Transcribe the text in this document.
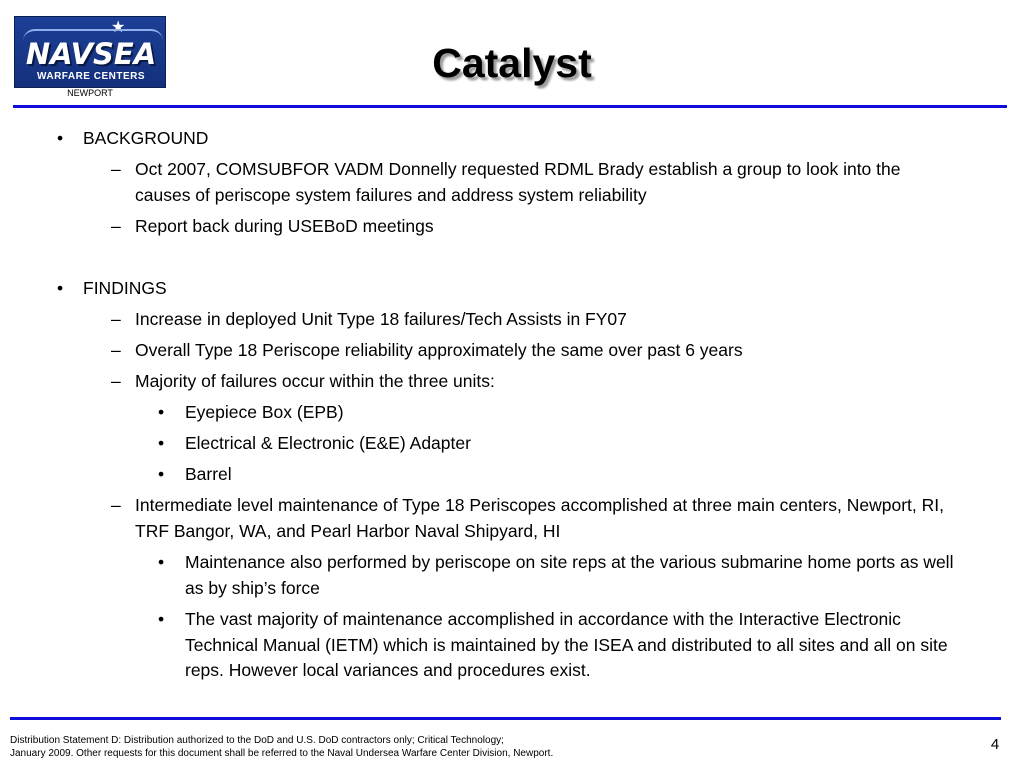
★
NAVSEA
WARFARE CENTERS
NEWPORT
Catalyst
• BACKGROUND
– Oct 2007, COMSUBFOR VADM Donnelly requested RDML Brady establish a group to look into the causes of periscope system failures and address system reliability
– Report back during USEBoD meetings
• FINDINGS
– Increase in deployed Unit Type 18 failures/Tech Assists in FY07
– Overall Type 18 Periscope reliability approximately the same over past 6 years
– Majority of failures occur within the three units:
• Eyepiece Box (EPB)
• Electrical & Electronic (E&E) Adapter
• Barrel
– Intermediate level maintenance of Type 18 Periscopes accomplished at three main centers, Newport, RI, TRF Bangor, WA, and Pearl Harbor Naval Shipyard, HI
• Maintenance also performed by periscope on site reps at the various submarine home ports as well as by ship’s force
• The vast majority of maintenance accomplished in accordance with the Interactive Electronic Technical Manual (IETM) which is maintained by the ISEA and distributed to all sites and all on site reps. However local variances and procedures exist.
Distribution Statement D: Distribution authorized to the DoD and U.S. DoD contractors only; Critical Technology;
January 2009. Other requests for this document shall be referred to the Naval Undersea Warfare Center Division, Newport.
4
